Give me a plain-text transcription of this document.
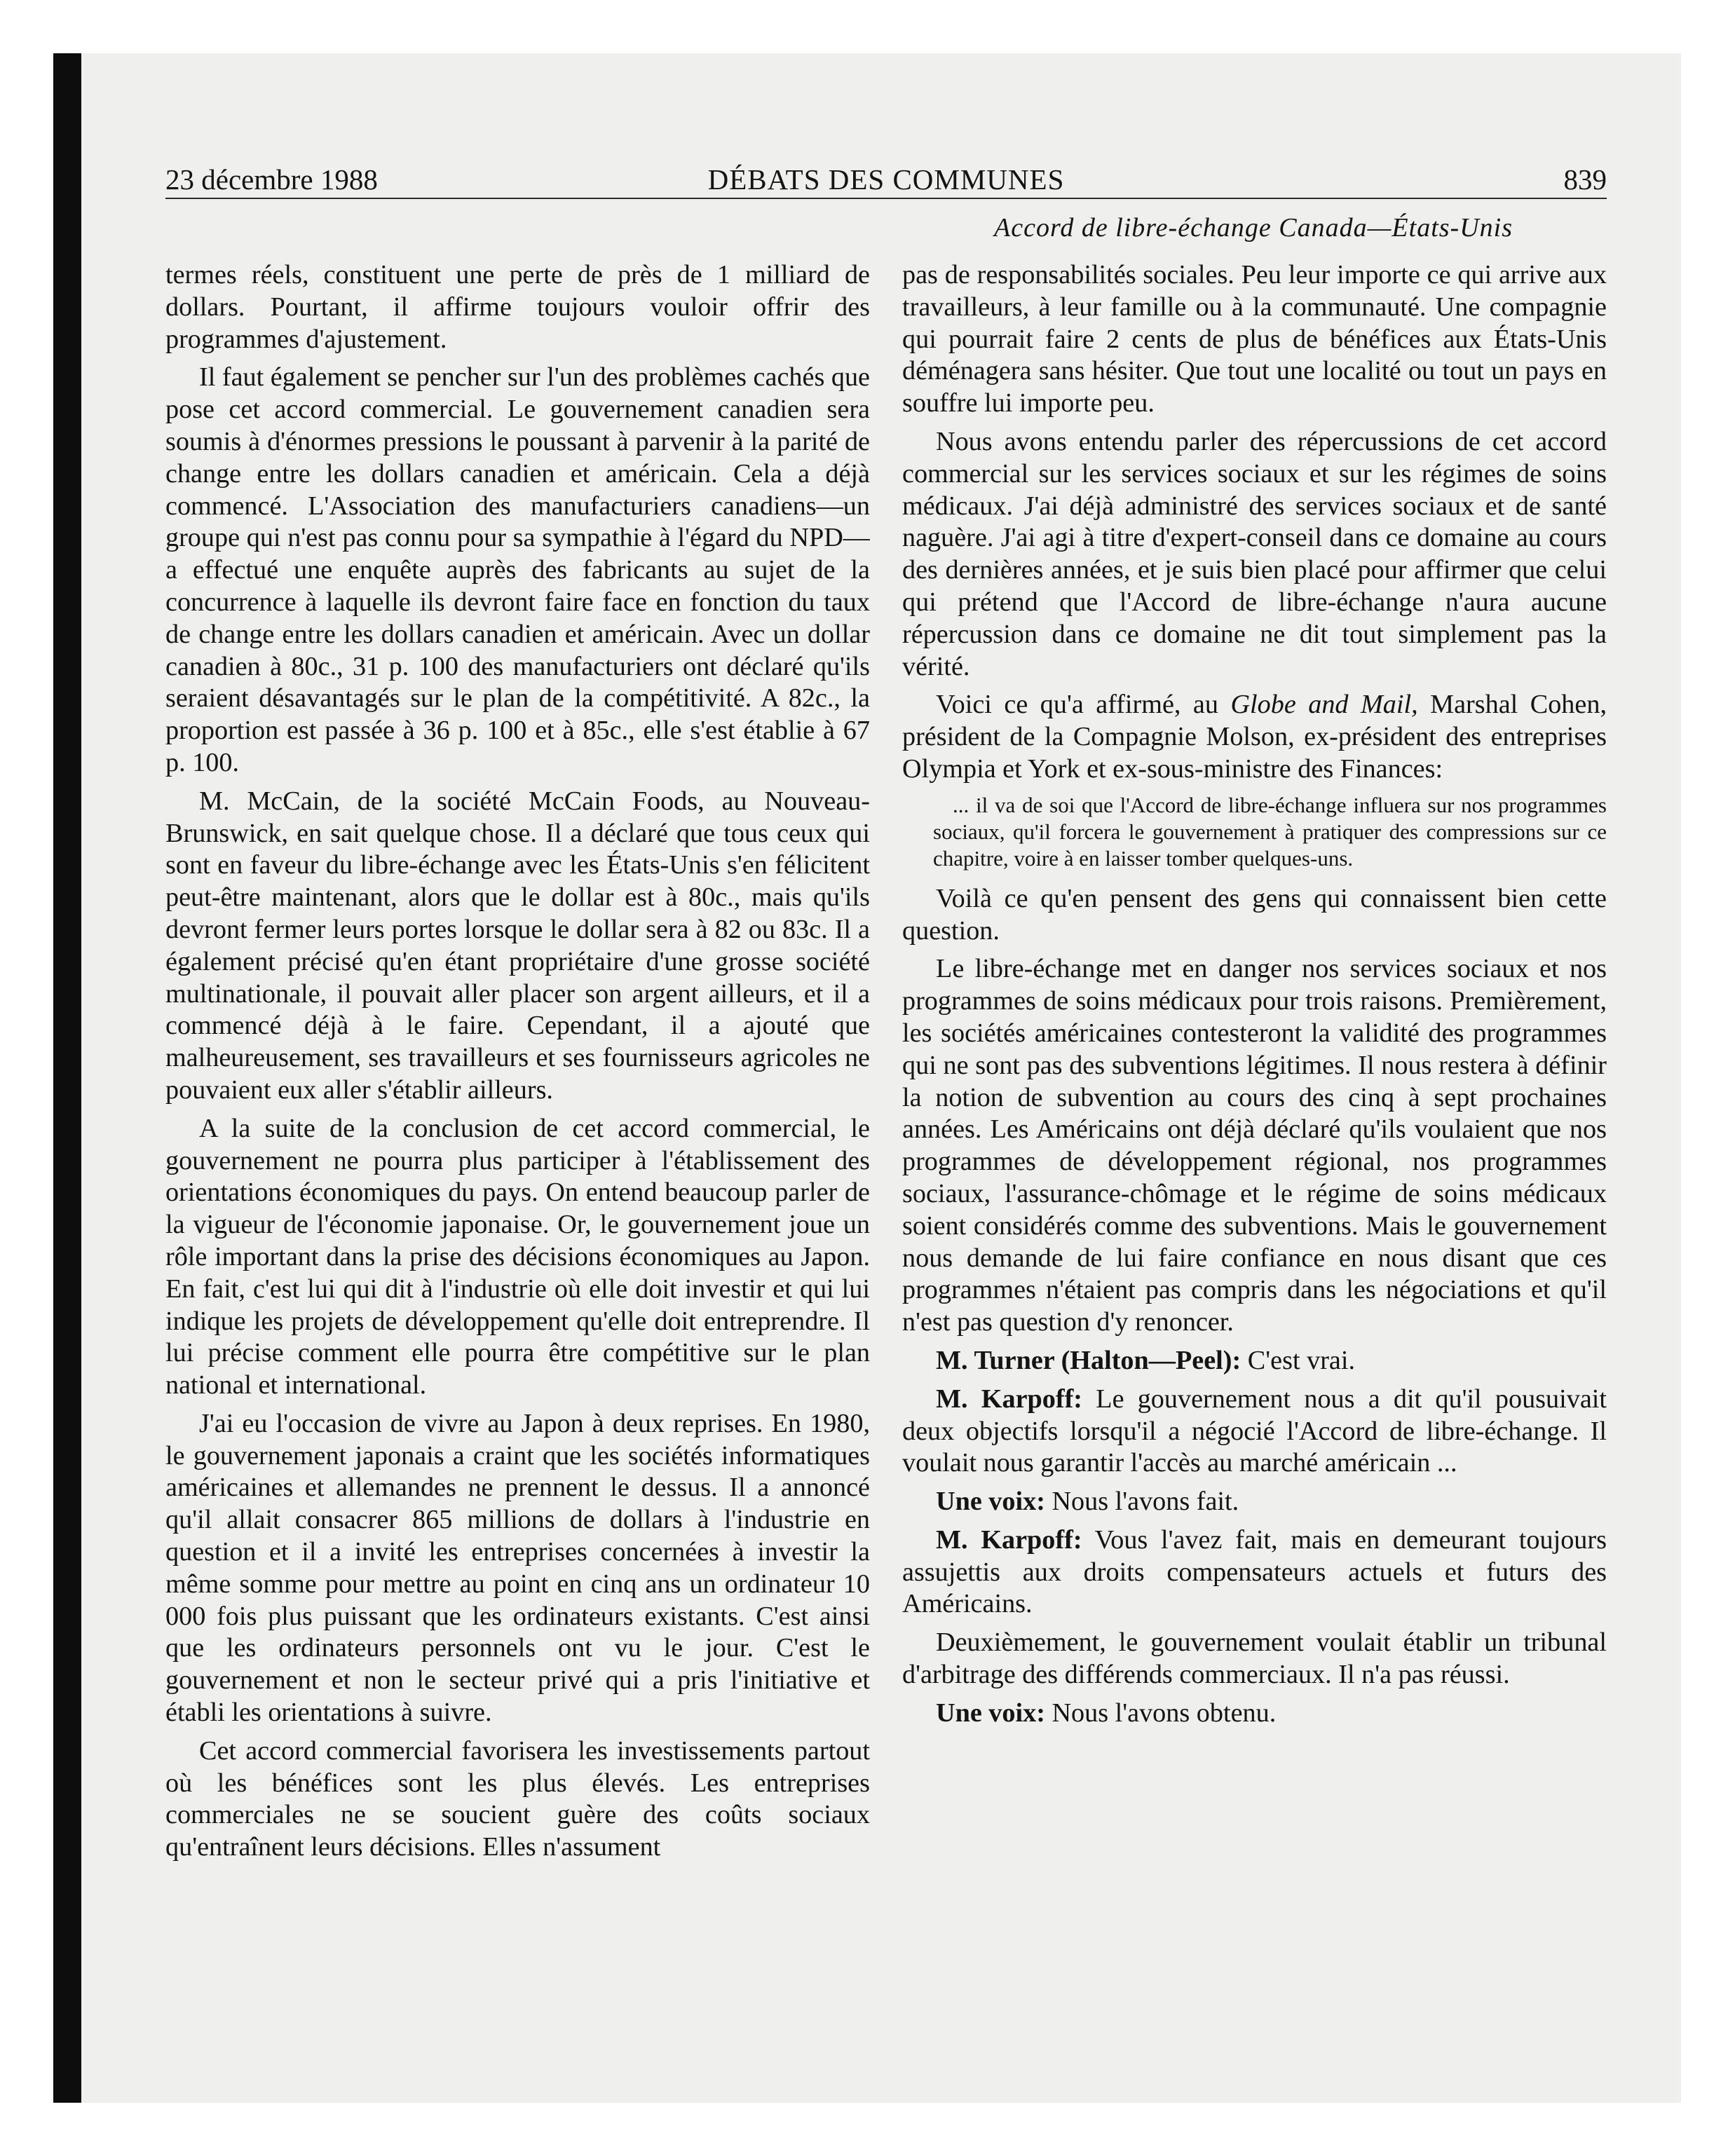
23 décembre 1988	DÉBATS DES COMMUNES	839
Accord de libre-échange Canada—États-Unis

termes réels, constituent une perte de près de 1 milliard de dollars. Pourtant, il affirme toujours vouloir offrir des programmes d'ajustement.

Il faut également se pencher sur l'un des problèmes cachés que pose cet accord commercial. Le gouvernement canadien sera soumis à d'énormes pressions le poussant à parvenir à la parité de change entre les dollars canadien et américain. Cela a déjà commencé. L'Association des manufacturiers canadiens—un groupe qui n'est pas connu pour sa sympathie à l'égard du NPD—a effectué une enquête auprès des fabricants au sujet de la concurrence à laquelle ils devront faire face en fonction du taux de change entre les dollars canadien et américain. Avec un dollar canadien à 80c., 31 p. 100 des manufacturiers ont déclaré qu'ils seraient désavantagés sur le plan de la compétitivité. A 82c., la proportion est passée à 36 p. 100 et à 85c., elle s'est établie à 67 p. 100.

M. McCain, de la société McCain Foods, au Nouveau-Brunswick, en sait quelque chose. Il a déclaré que tous ceux qui sont en faveur du libre-échange avec les États-Unis s'en félicitent peut-être maintenant, alors que le dollar est à 80c., mais qu'ils devront fermer leurs portes lorsque le dollar sera à 82 ou 83c. Il a également précisé qu'en étant propriétaire d'une grosse société multinationale, il pouvait aller placer son argent ailleurs, et il a commencé déjà à le faire. Cependant, il a ajouté que malheureusement, ses travailleurs et ses fournisseurs agricoles ne pouvaient eux aller s'établir ailleurs.

A la suite de la conclusion de cet accord commercial, le gouvernement ne pourra plus participer à l'établissement des orientations économiques du pays. On entend beaucoup parler de la vigueur de l'économie japonaise. Or, le gouvernement joue un rôle important dans la prise des décisions économiques au Japon. En fait, c'est lui qui dit à l'industrie où elle doit investir et qui lui indique les projets de développement qu'elle doit entreprendre. Il lui précise comment elle pourra être compétitive sur le plan national et international.

J'ai eu l'occasion de vivre au Japon à deux reprises. En 1980, le gouvernement japonais a craint que les sociétés informatiques américaines et allemandes ne prennent le dessus. Il a annoncé qu'il allait consacrer 865 millions de dollars à l'industrie en question et il a invité les entreprises concernées à investir la même somme pour mettre au point en cinq ans un ordinateur 10 000 fois plus puissant que les ordinateurs existants. C'est ainsi que les ordinateurs personnels ont vu le jour. C'est le gouvernement et non le secteur privé qui a pris l'initiative et établi les orientations à suivre.

Cet accord commercial favorisera les investissements partout où les bénéfices sont les plus élevés. Les entreprises commerciales ne se soucient guère des coûts sociaux qu'entraînent leurs décisions. Elles n'assument

pas de responsabilités sociales. Peu leur importe ce qui arrive aux travailleurs, à leur famille ou à la communauté. Une compagnie qui pourrait faire 2 cents de plus de bénéfices aux États-Unis déménagera sans hésiter. Que tout une localité ou tout un pays en souffre lui importe peu.

Nous avons entendu parler des répercussions de cet accord commercial sur les services sociaux et sur les régimes de soins médicaux. J'ai déjà administré des services sociaux et de santé naguère. J'ai agi à titre d'expert-conseil dans ce domaine au cours des dernières années, et je suis bien placé pour affirmer que celui qui prétend que l'Accord de libre-échange n'aura aucune répercussion dans ce domaine ne dit tout simplement pas la vérité.

Voici ce qu'a affirmé, au Globe and Mail, Marshal Cohen, président de la Compagnie Molson, ex-président des entreprises Olympia et York et ex-sous-ministre des Finances:

... il va de soi que l'Accord de libre-échange influera sur nos programmes sociaux, qu'il forcera le gouvernement à pratiquer des compressions sur ce chapitre, voire à en laisser tomber quelques-uns.

Voilà ce qu'en pensent des gens qui connaissent bien cette question.

Le libre-échange met en danger nos services sociaux et nos programmes de soins médicaux pour trois raisons. Premièrement, les sociétés américaines contesteront la validité des programmes qui ne sont pas des subventions légitimes. Il nous restera à définir la notion de subvention au cours des cinq à sept prochaines années. Les Américains ont déjà déclaré qu'ils voulaient que nos programmes de développement régional, nos programmes sociaux, l'assurance-chômage et le régime de soins médicaux soient considérés comme des subventions. Mais le gouvernement nous demande de lui faire confiance en nous disant que ces programmes n'étaient pas compris dans les négociations et qu'il n'est pas question d'y renoncer.

M. Turner (Halton—Peel): C'est vrai.

M. Karpoff: Le gouvernement nous a dit qu'il pousuivait deux objectifs lorsqu'il a négocié l'Accord de libre-échange. Il voulait nous garantir l'accès au marché américain ...

Une voix: Nous l'avons fait.

M. Karpoff: Vous l'avez fait, mais en demeurant toujours assujettis aux droits compensateurs actuels et futurs des Américains.

Deuxièmement, le gouvernement voulait établir un tribunal d'arbitrage des différends commerciaux. Il n'a pas réussi.

Une voix: Nous l'avons obtenu.
